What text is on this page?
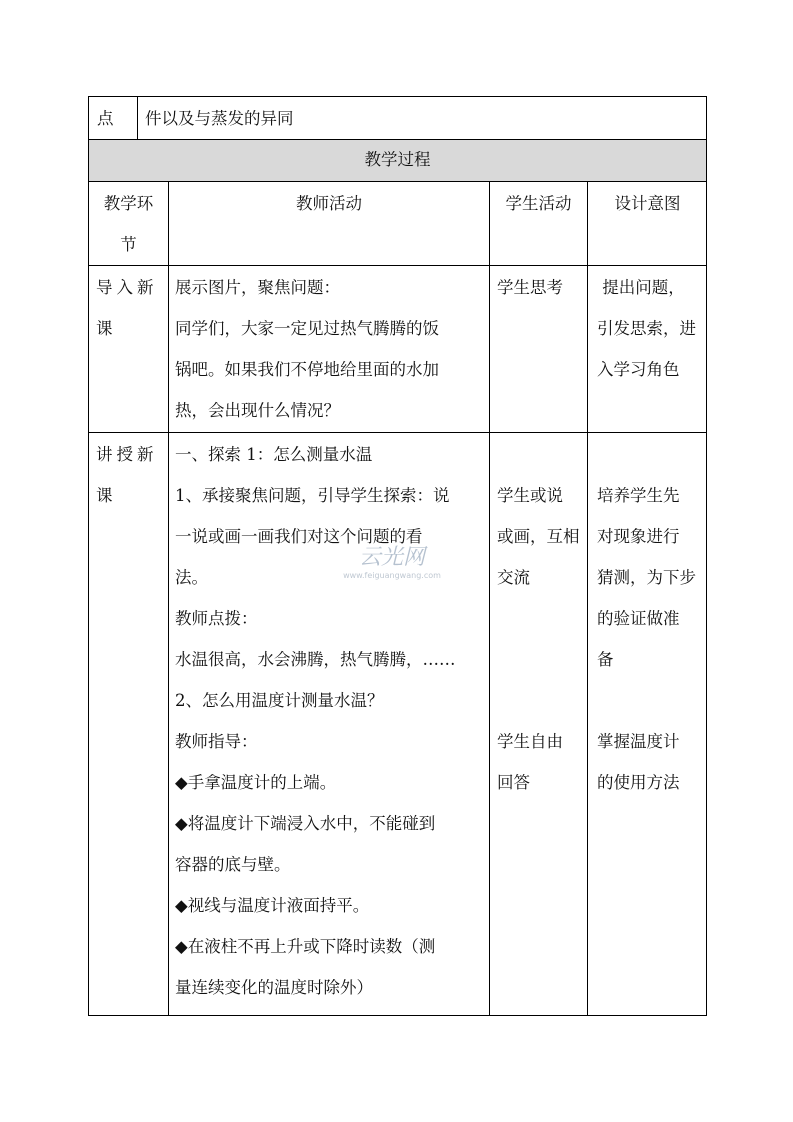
点 件以及与蒸发的异同
教学过程
教学环
节
教师活动	学生活动	设计意图
导入新
课
展示图片，聚焦问题：
同学们，大家一定见过热气腾腾的饭
锅吧。如果我们不停地给里面的水加
热，会出现什么情况？
学生思考 提出问题，
引发思索，进
入学习角色
讲授新
课
一、探索 1：怎么测量水温
1、承接聚焦问题，引导学生探索：说
一说或画一画我们对这个问题的看
法。
教师点拨：
水温很高，水会沸腾，热气腾腾，……
2、怎么用温度计测量水温？
教师指导：
◆手拿温度计的上端。
◆将温度计下端浸入水中，不能碰到
容器的底与壁。
◆视线与温度计液面持平。
◆在液柱不再上升或下降时读数（测
量连续变化的温度时除外）
学生或说
或画，互相
交流
学生自由
回答
培养学生先
对现象进行
猜测，为下步
的验证做准
备
掌握温度计
的使用方法
云光网
www.feiguangwang.com
